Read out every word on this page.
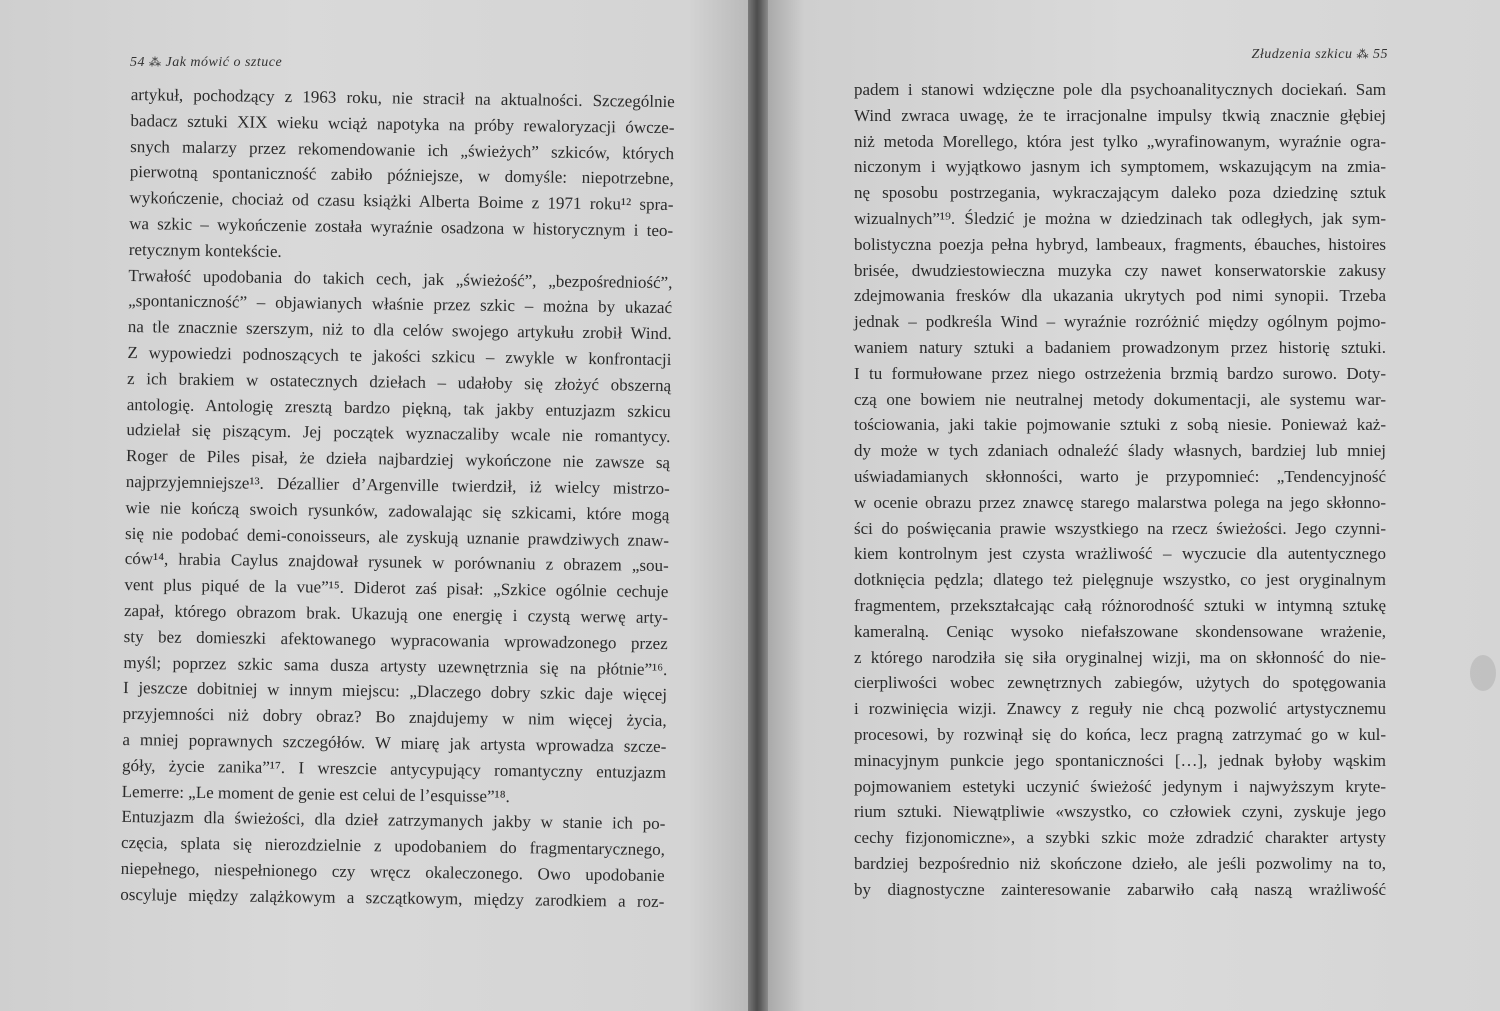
54 ⁂ Jak mówić o sztuce
artykuł, pochodzący z 1963 roku, nie stracił na aktualności. Szczególnie
badacz sztuki XIX wieku wciąż napotyka na próby rewaloryzacji ówcze-
snych malarzy przez rekomendowanie ich „świeżych” szkiców, których
pierwotną spontaniczność zabiło późniejsze, w domyśle: niepotrzebne,
wykończenie, chociaż od czasu książki Alberta Boime z 1971 roku¹² spra-
wa szkic – wykończenie została wyraźnie osadzona w historycznym i teo-
retycznym kontekście.
Trwałość upodobania do takich cech, jak „świeżość”, „bezpośredniość”,
„spontaniczność” – objawianych właśnie przez szkic – można by ukazać
na tle znacznie szerszym, niż to dla celów swojego artykułu zrobił Wind.
Z wypowiedzi podnoszących te jakości szkicu – zwykle w konfrontacji
z ich brakiem w ostatecznych dziełach – udałoby się złożyć obszerną
antologię. Antologię zresztą bardzo piękną, tak jakby entuzjazm szkicu
udzielał się piszącym. Jej początek wyznaczaliby wcale nie romantycy.
Roger de Piles pisał, że dzieła najbardziej wykończone nie zawsze są
najprzyjemniejsze¹³. Dézallier d’Argenville twierdził, iż wielcy mistrzo-
wie nie kończą swoich rysunków, zadowalając się szkicami, które mogą
się nie podobać demi-conoisseurs, ale zyskują uznanie prawdziwych znaw-
ców¹⁴, hrabia Caylus znajdował rysunek w porównaniu z obrazem „sou-
vent plus piqué de la vue”¹⁵. Diderot zaś pisał: „Szkice ogólnie cechuje
zapał, którego obrazom brak. Ukazują one energię i czystą werwę arty-
sty bez domieszki afektowanego wypracowania wprowadzonego przez
myśl; poprzez szkic sama dusza artysty uzewnętrznia się na płótnie”¹⁶.
I jeszcze dobitniej w innym miejscu: „Dlaczego dobry szkic daje więcej
przyjemności niż dobry obraz? Bo znajdujemy w nim więcej życia,
a mniej poprawnych szczegółów. W miarę jak artysta wprowadza szcze-
góły, życie zanika”¹⁷. I wreszcie antycypujący romantyczny entuzjazm
Lemerre: „Le moment de genie est celui de l’esquisse”¹⁸.
Entuzjazm dla świeżości, dla dzieł zatrzymanych jakby w stanie ich po-
częcia, splata się nierozdzielnie z upodobaniem do fragmentarycznego,
niepełnego, niespełnionego czy wręcz okaleczonego. Owo upodobanie
oscyluje między zalążkowym a szczątkowym, między zarodkiem a roz-
Złudzenia szkicu ⁂ 55
padem i stanowi wdzięczne pole dla psychoanalitycznych dociekań. Sam
Wind zwraca uwagę, że te irracjonalne impulsy tkwią znacznie głębiej
niż metoda Morellego, która jest tylko „wyrafinowanym, wyraźnie ogra-
niczonym i wyjątkowo jasnym ich symptomem, wskazującym na zmia-
nę sposobu postrzegania, wykraczającym daleko poza dziedzinę sztuk
wizualnych”¹⁹. Śledzić je można w dziedzinach tak odległych, jak sym-
bolistyczna poezja pełna hybryd, lambeaux, fragments, ébauches, histoires
brisée, dwudziestowieczna muzyka czy nawet konserwatorskie zakusy
zdejmowania fresków dla ukazania ukrytych pod nimi synopii. Trzeba
jednak – podkreśla Wind – wyraźnie rozróżnić między ogólnym pojmo-
waniem natury sztuki a badaniem prowadzonym przez historię sztuki.
I tu formułowane przez niego ostrzeżenia brzmią bardzo surowo. Doty-
czą one bowiem nie neutralnej metody dokumentacji, ale systemu war-
tościowania, jaki takie pojmowanie sztuki z sobą niesie. Ponieważ każ-
dy może w tych zdaniach odnaleźć ślady własnych, bardziej lub mniej
uświadamianych skłonności, warto je przypomnieć: „Tendencyjność
w ocenie obrazu przez znawcę starego malarstwa polega na jego skłonno-
ści do poświęcania prawie wszystkiego na rzecz świeżości. Jego czynni-
kiem kontrolnym jest czysta wrażliwość – wyczucie dla autentycznego
dotknięcia pędzla; dlatego też pielęgnuje wszystko, co jest oryginalnym
fragmentem, przekształcając całą różnorodność sztuki w intymną sztukę
kameralną. Ceniąc wysoko niefałszowane skondensowane wrażenie,
z którego narodziła się siła oryginalnej wizji, ma on skłonność do nie-
cierpliwości wobec zewnętrznych zabiegów, użytych do spotęgowania
i rozwinięcia wizji. Znawcy z reguły nie chcą pozwolić artystycznemu
procesowi, by rozwinął się do końca, lecz pragną zatrzymać go w kul-
minacyjnym punkcie jego spontaniczności […], jednak byłoby wąskim
pojmowaniem estetyki uczynić świeżość jedynym i najwyższym kryte-
rium sztuki. Niewątpliwie «wszystko, co człowiek czyni, zyskuje jego
cechy fizjonomiczne», a szybki szkic może zdradzić charakter artysty
bardziej bezpośrednio niż skończone dzieło, ale jeśli pozwolimy na to,
by diagnostyczne zainteresowanie zabarwiło całą naszą wrażliwość
